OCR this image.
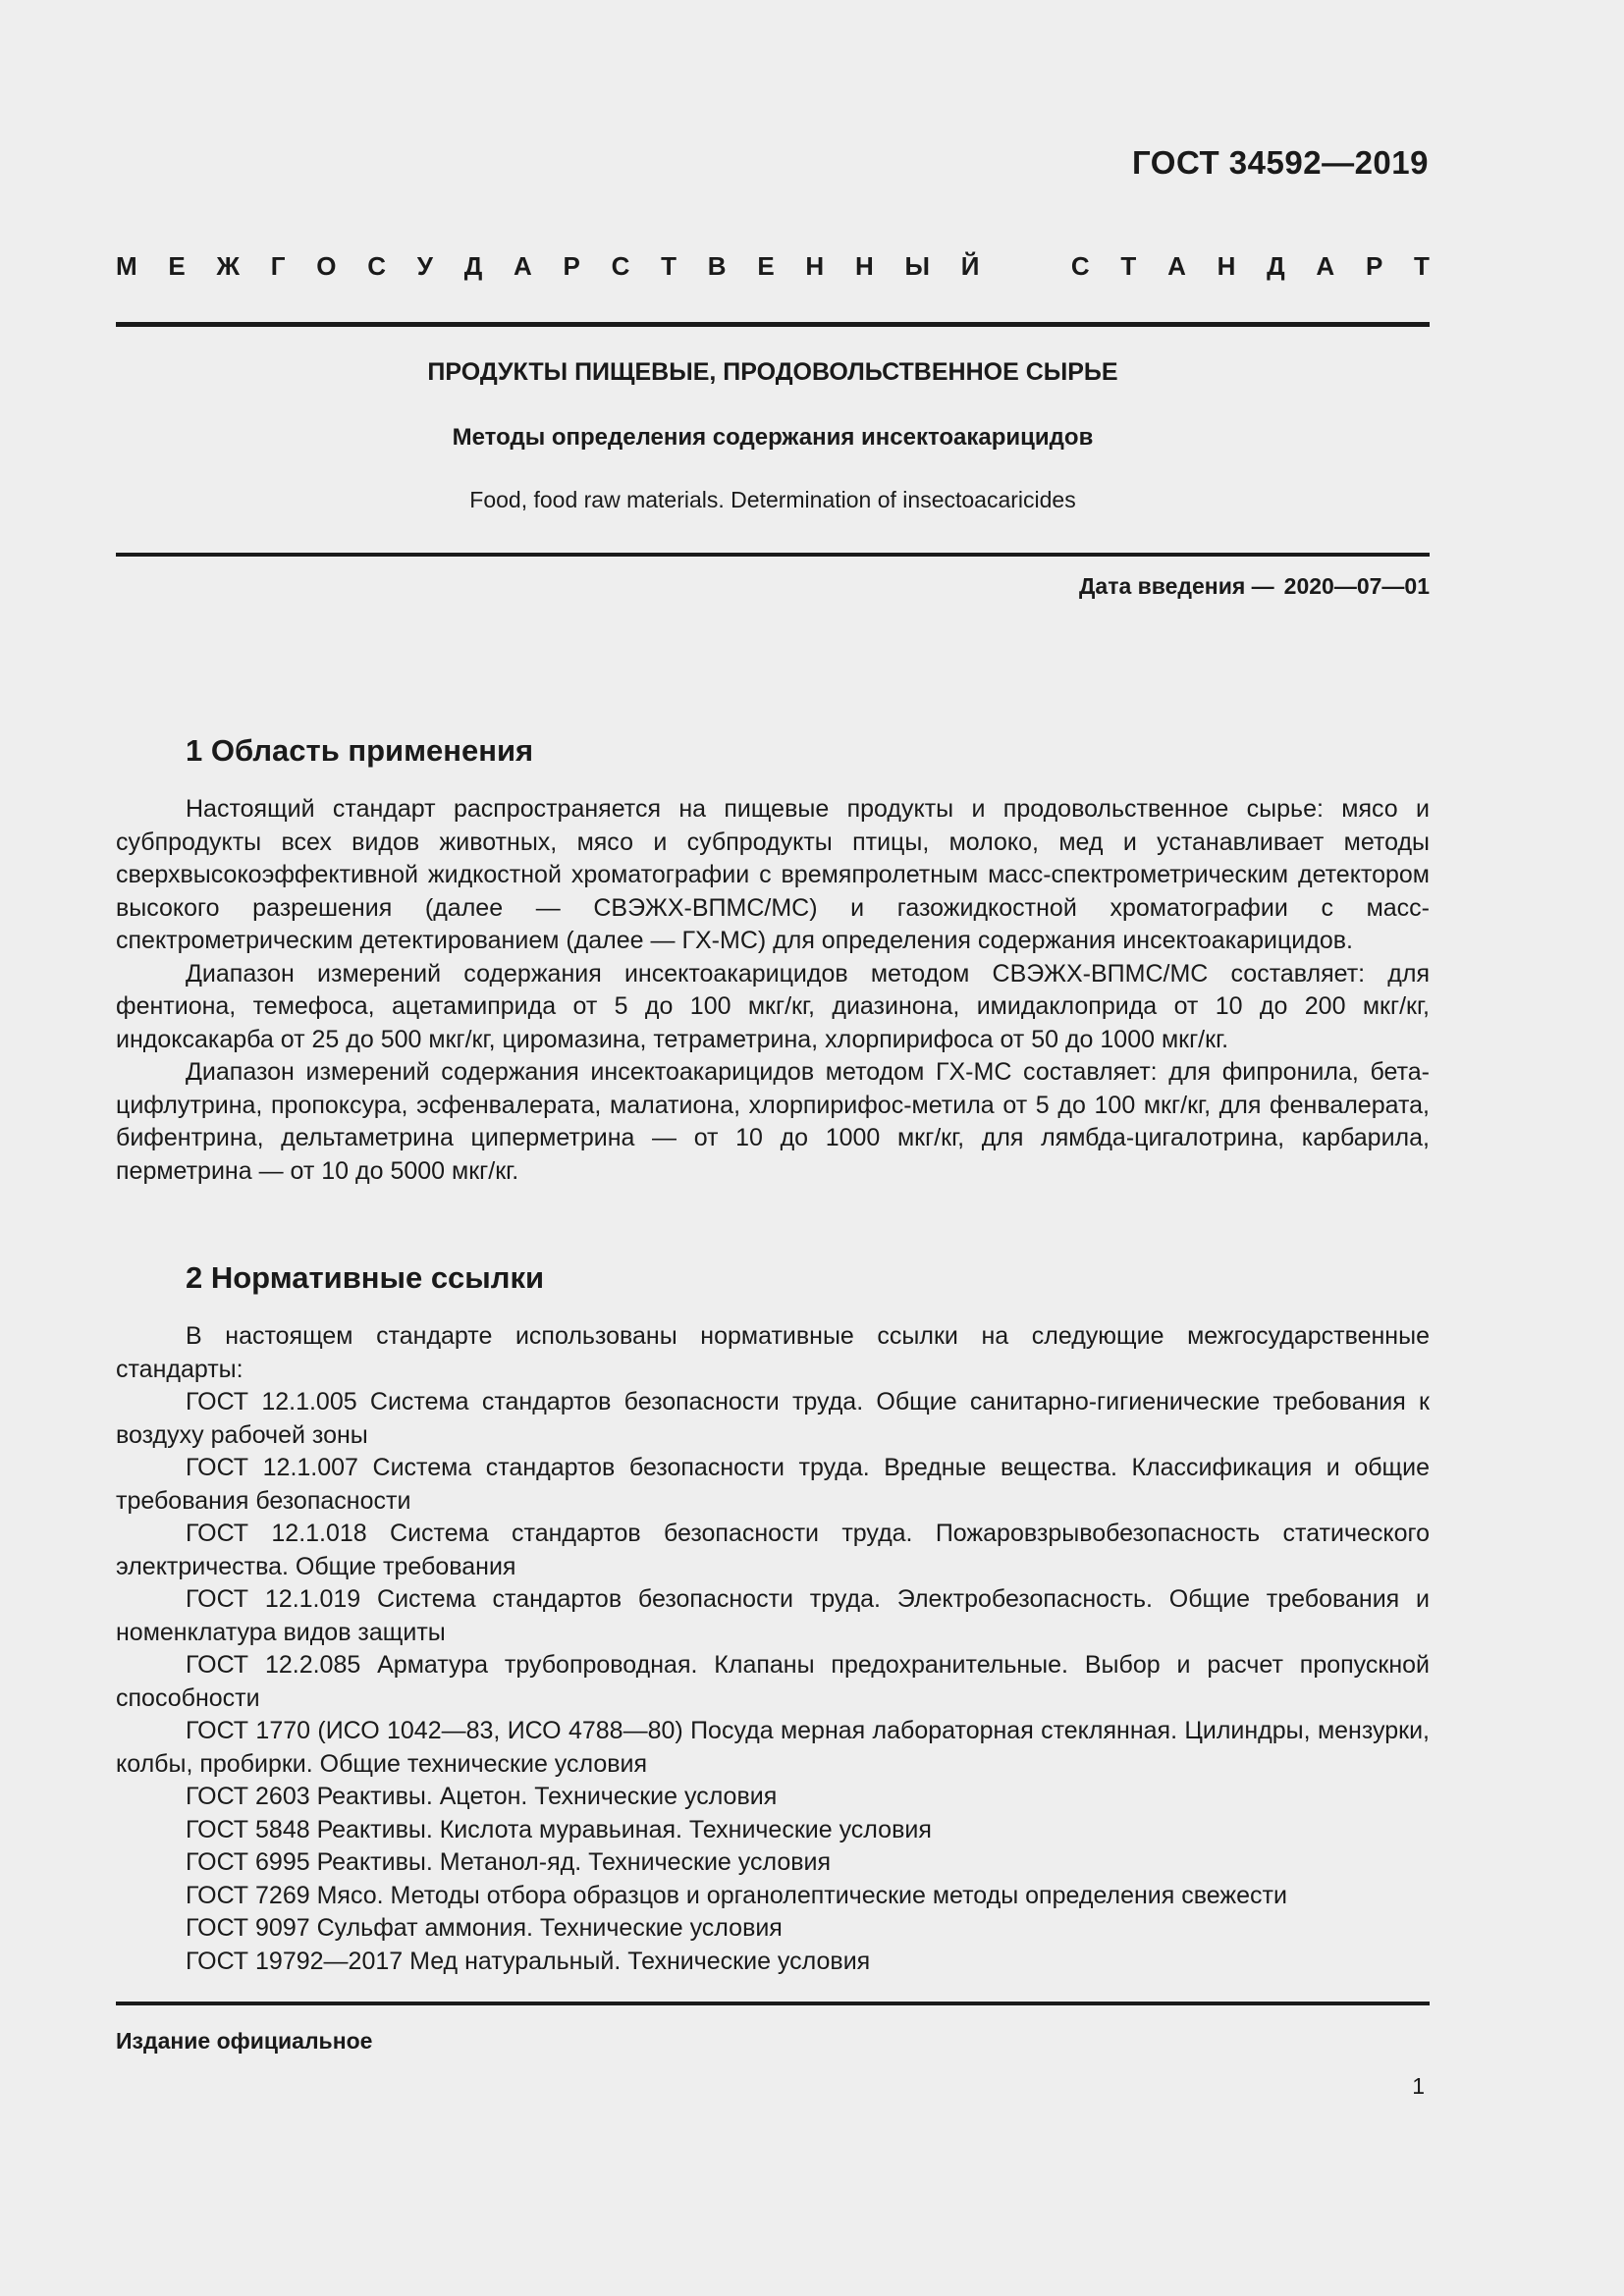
ГОСТ 34592—2019
М Е Ж Г О С У Д А Р С Т В Е Н Н Ы Й	С Т А Н Д А Р Т
ПРОДУКТЫ ПИЩЕВЫЕ, ПРОДОВОЛЬСТВЕННОЕ СЫРЬЕ
Методы определения содержания инсектоакарицидов
Food, food raw materials. Determination of insectoacaricides
Дата введения — 2020—07—01
1 Область применения

Настоящий стандарт распространяется на пищевые продукты и продовольственное сырье: мясо и субпродукты всех видов животных, мясо и субпродукты птицы, молоко, мед и устанавливает методы сверхвысокоэффективной жидкостной хроматографии с времяпролетным масс-спектрометрическим детектором высокого разрешения (далее — СВЭЖХ-ВПМС/МС) и газожидкостной хроматографии с масс-спектрометрическим детектированием (далее — ГХ-МС) для определения содержания инсектоакарицидов.

Диапазон измерений содержания инсектоакарицидов методом СВЭЖХ-ВПМС/МС составляет: для фентиона, темефоса, ацетамиприда от 5 до 100 мкг/кг, диазинона, имидаклоприда от 10 до 200 мкг/кг, индоксакарба от 25 до 500 мкг/кг, циромазина, тетраметрина, хлорпирифоса от 50 до 1000 мкг/кг.

Диапазон измерений содержания инсектоакарицидов методом ГХ-МС составляет: для фипронила, бета-цифлутрина, пропоксура, эсфенвалерата, малатиона, хлорпирифос-метила от 5 до 100 мкг/кг, для фенвалерата, бифентрина, дельтаметрина циперметрина — от 10 до 1000 мкг/кг, для лямбда-цигалотрина, карбарила, перметрина — от 10 до 5000 мкг/кг.

2 Нормативные ссылки

В настоящем стандарте использованы нормативные ссылки на следующие межгосударственные стандарты:

ГОСТ 12.1.005 Система стандартов безопасности труда. Общие санитарно-гигиенические требования к воздуху рабочей зоны

ГОСТ 12.1.007 Система стандартов безопасности труда. Вредные вещества. Классификация и общие требования безопасности

ГОСТ 12.1.018 Система стандартов безопасности труда. Пожаровзрывобезопасность статического электричества. Общие требования

ГОСТ 12.1.019 Система стандартов безопасности труда. Электробезопасность. Общие требования и номенклатура видов защиты

ГОСТ 12.2.085 Арматура трубопроводная. Клапаны предохранительные. Выбор и расчет пропускной способности

ГОСТ 1770 (ИСО 1042—83, ИСО 4788—80) Посуда мерная лабораторная стеклянная. Цилиндры, мензурки, колбы, пробирки. Общие технические условия

ГОСТ 2603 Реактивы. Ацетон. Технические условия

ГОСТ 5848 Реактивы. Кислота муравьиная. Технические условия

ГОСТ 6995 Реактивы. Метанол-яд. Технические условия

ГОСТ 7269 Мясо. Методы отбора образцов и органолептические методы определения свежести

ГОСТ 9097 Сульфат аммония. Технические условия

ГОСТ 19792—2017 Мед натуральный. Технические условия

Издание официальное
1
